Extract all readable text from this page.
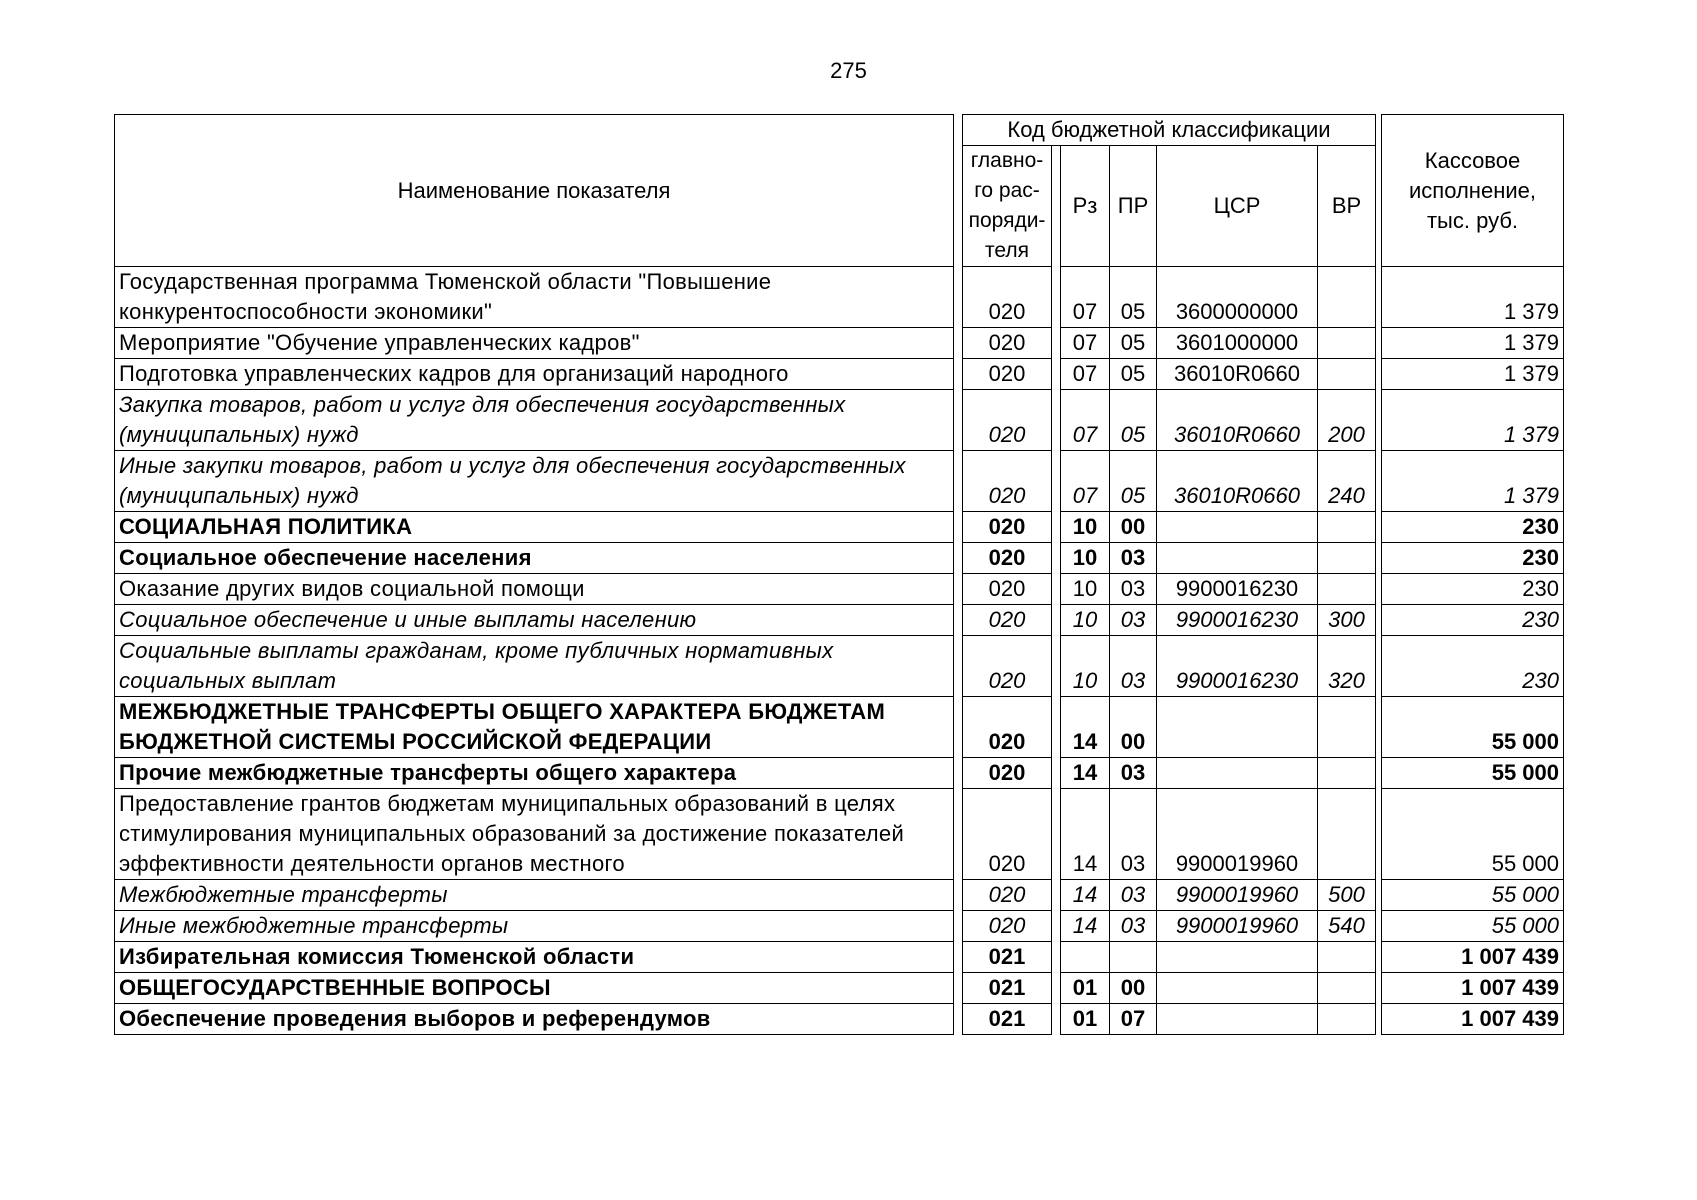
275
Наименование показателя		Код бюджетной классификации							Кассовое исполнение, тыс. руб.
		главно-го рас-поряди-теля		Рз	ПР	ЦСР	ВР		
Государственная программа Тюменской области "Повышение конкурентоспособности экономики"		020		07	05	3600000000			1 379
Мероприятие "Обучение управленческих кадров"		020		07	05	3601000000			1 379
Подготовка управленческих кадров для организаций народного		020		07	05	36010R0660			1 379
Закупка товаров, работ и услуг для обеспечения государственных (муниципальных) нужд		020		07	05	36010R0660	200		1 379
Иные закупки товаров, работ и услуг для обеспечения государственных (муниципальных) нужд		020		07	05	36010R0660	240		1 379
СОЦИАЛЬНАЯ ПОЛИТИКА		020		10	00				230
Социальное обеспечение населения		020		10	03				230
Оказание других видов социальной помощи		020		10	03	9900016230			230
Социальное обеспечение и иные выплаты населению		020		10	03	9900016230	300		230
Социальные выплаты гражданам, кроме публичных нормативных социальных выплат		020		10	03	9900016230	320		230
МЕЖБЮДЖЕТНЫЕ ТРАНСФЕРТЫ ОБЩЕГО ХАРАКТЕРА БЮДЖЕТАМ БЮДЖЕТНОЙ СИСТЕМЫ РОССИЙСКОЙ ФЕДЕРАЦИИ		020		14	00				55 000
Прочие межбюджетные трансферты общего характера		020		14	03				55 000
Предоставление грантов бюджетам муниципальных образований в целях стимулирования муниципальных образований за достижение показателей эффективности деятельности органов местного		020		14	03	9900019960			55 000
Межбюджетные трансферты		020		14	03	9900019960	500		55 000
Иные межбюджетные трансферты		020		14	03	9900019960	540		55 000
Избирательная комиссия Тюменской области		021							1 007 439
ОБЩЕГОСУДАРСТВЕННЫЕ ВОПРОСЫ		021		01	00				1 007 439
Обеспечение проведения выборов и референдумов		021		01	07				1 007 439
